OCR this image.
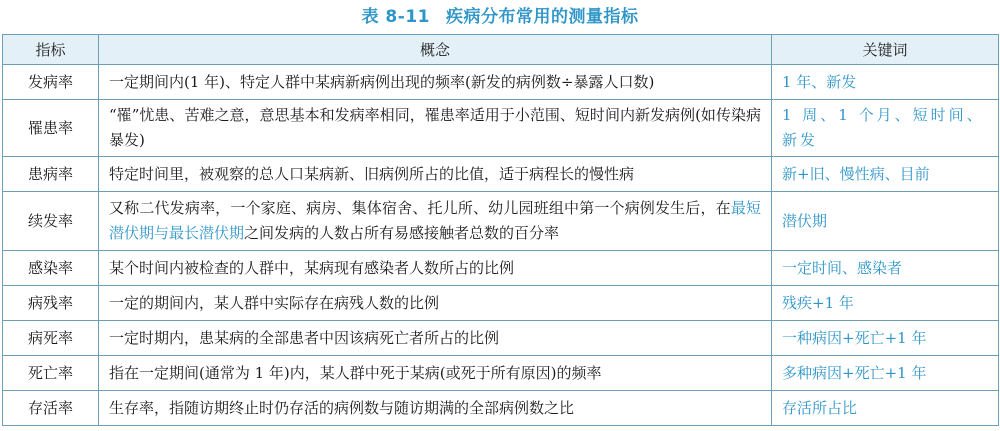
表 8-11 疾病分布常用的测量指标
指标	概念	关键词
发病率	一定期间内(1 年)、特定人群中某病新病例出现的频率(新发的病例数÷暴露人口数)	1 年、新发
罹患率	“罹”忧患、苦难之意，意思基本和发病率相同，罹患率适用于小范围、短时间内新发病例(如传染病暴发)	1 周、1 个月、短时间、新发
患病率	特定时间里，被观察的总人口某病新、旧病例所占的比值，适于病程长的慢性病	新+旧、慢性病、目前
续发率	又称二代发病率，一个家庭、病房、集体宿舍、托儿所、幼儿园班组中第一个病例发生后，在最短潜伏期与最长潜伏期之间发病的人数占所有易感接触者总数的百分率	潜伏期
感染率	某个时间内被检查的人群中，某病现有感染者人数所占的比例	一定时间、感染者
病残率	一定的期间内，某人群中实际存在病残人数的比例	残疾+1 年
病死率	一定时期内，患某病的全部患者中因该病死亡者所占的比例	一种病因+死亡+1 年
死亡率	指在一定期间(通常为 1 年)内，某人群中死于某病(或死于所有原因)的频率	多种病因+死亡+1 年
存活率	生存率，指随访期终止时仍存活的病例数与随访期满的全部病例数之比	存活所占比
